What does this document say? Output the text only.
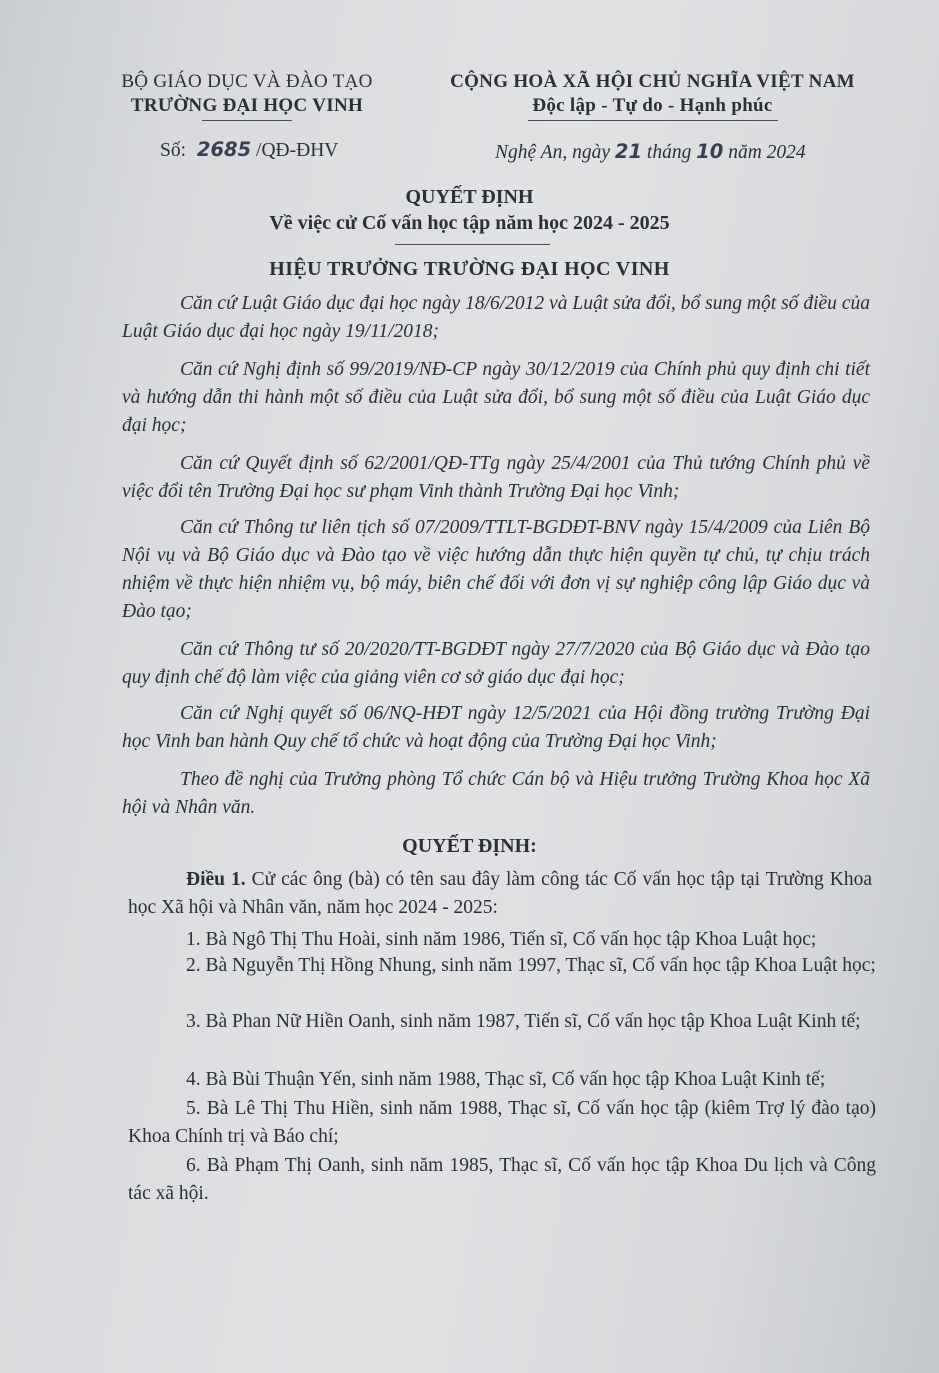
BỘ GIÁO DỤC VÀ ĐÀO TẠO
TRƯỜNG ĐẠI HỌC VINH
Số: 2685 /QĐ-ĐHV
CỘNG HOÀ XÃ HỘI CHỦ NGHĨA VIỆT NAM
Độc lập - Tự do - Hạnh phúc
Nghệ An, ngày 21 tháng 10 năm 2024
QUYẾT ĐỊNH
Về việc cử Cố vấn học tập năm học 2024 - 2025
HIỆU TRƯỞNG TRƯỜNG ĐẠI HỌC VINH
Căn cứ Luật Giáo dục đại học ngày 18/6/2012 và Luật sửa đổi, bổ sung một số điều của Luật Giáo dục đại học ngày 19/11/2018;
Căn cứ Nghị định số 99/2019/NĐ-CP ngày 30/12/2019 của Chính phủ quy định chi tiết và hướng dẫn thi hành một số điều của Luật sửa đổi, bổ sung một số điều của Luật Giáo dục đại học;
Căn cứ Quyết định số 62/2001/QĐ-TTg ngày 25/4/2001 của Thủ tướng Chính phủ về việc đổi tên Trường Đại học sư phạm Vinh thành Trường Đại học Vinh;
Căn cứ Thông tư liên tịch số 07/2009/TTLT-BGDĐT-BNV ngày 15/4/2009 của Liên Bộ Nội vụ và Bộ Giáo dục và Đào tạo về việc hướng dẫn thực hiện quyền tự chủ, tự chịu trách nhiệm về thực hiện nhiệm vụ, bộ máy, biên chế đối với đơn vị sự nghiệp công lập Giáo dục và Đào tạo;
Căn cứ Thông tư số 20/2020/TT-BGDĐT ngày 27/7/2020 của Bộ Giáo dục và Đào tạo quy định chế độ làm việc của giảng viên cơ sở giáo dục đại học;
Căn cứ Nghị quyết số 06/NQ-HĐT ngày 12/5/2021 của Hội đồng trường Trường Đại học Vinh ban hành Quy chế tổ chức và hoạt động của Trường Đại học Vinh;
Theo đề nghị của Trưởng phòng Tổ chức Cán bộ và Hiệu trưởng Trường Khoa học Xã hội và Nhân văn.
QUYẾT ĐỊNH:
Điều 1. Cử các ông (bà) có tên sau đây làm công tác Cố vấn học tập tại Trường Khoa học Xã hội và Nhân văn, năm học 2024 - 2025:
1. Bà Ngô Thị Thu Hoài, sinh năm 1986, Tiến sĩ, Cố vấn học tập Khoa Luật học;
2. Bà Nguyễn Thị Hồng Nhung, sinh năm 1997, Thạc sĩ, Cố vấn học tập Khoa Luật học;
3. Bà Phan Nữ Hiền Oanh, sinh năm 1987, Tiến sĩ, Cố vấn học tập Khoa Luật Kinh tế;
4. Bà Bùi Thuận Yến, sinh năm 1988, Thạc sĩ, Cố vấn học tập Khoa Luật Kinh tế;
5. Bà Lê Thị Thu Hiền, sinh năm 1988, Thạc sĩ, Cố vấn học tập (kiêm Trợ lý đào tạo) Khoa Chính trị và Báo chí;
6. Bà Phạm Thị Oanh, sinh năm 1985, Thạc sĩ, Cố vấn học tập Khoa Du lịch và Công tác xã hội.
